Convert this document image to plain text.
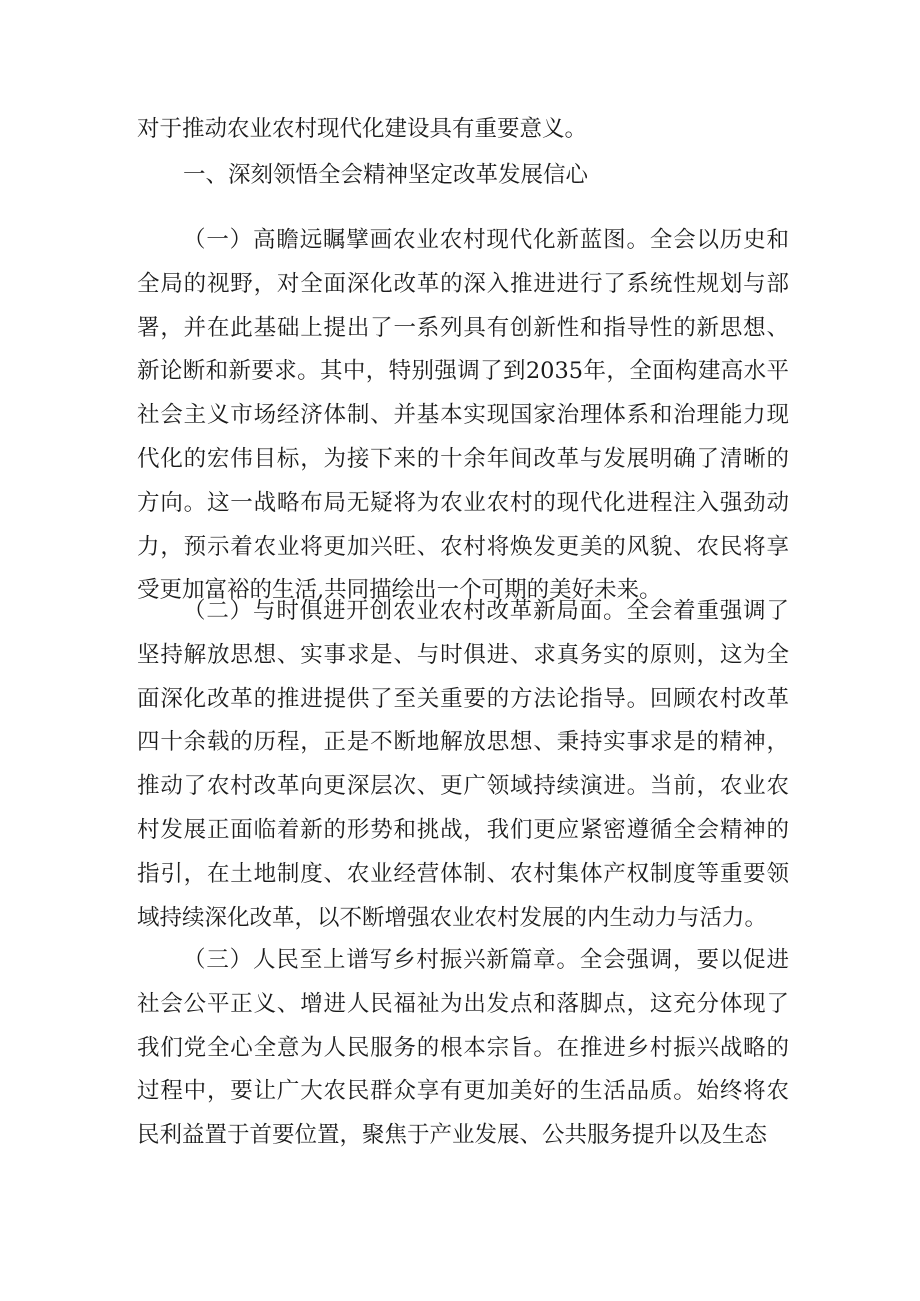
对于推动农业农村现代化建设具有重要意义。

一、深刻领悟全会精神坚定改革发展信心

（一）高瞻远瞩擘画农业农村现代化新蓝图。全会以历史和全局的视野，对全面深化改革的深入推进进行了系统性规划与部署，并在此基础上提出了一系列具有创新性和指导性的新思想、新论断和新要求。其中，特别强调了到2035年，全面构建高水平社会主义市场经济体制、并基本实现国家治理体系和治理能力现代化的宏伟目标，为接下来的十余年间改革与发展明确了清晰的方向。这一战略布局无疑将为农业农村的现代化进程注入强劲动力，预示着农业将更加兴旺、农村将焕发更美的风貌、农民将享受更加富裕的生活,共同描绘出一个可期的美好未来。

（二）与时俱进开创农业农村改革新局面。全会着重强调了坚持解放思想、实事求是、与时俱进、求真务实的原则，这为全面深化改革的推进提供了至关重要的方法论指导。回顾农村改革四十余载的历程，正是不断地解放思想、秉持实事求是的精神，推动了农村改革向更深层次、更广领域持续演进。当前，农业农村发展正面临着新的形势和挑战，我们更应紧密遵循全会精神的指引，在土地制度、农业经营体制、农村集体产权制度等重要领域持续深化改革，以不断增强农业农村发展的内生动力与活力。

（三）人民至上谱写乡村振兴新篇章。全会强调，要以促进社会公平正义、增进人民福祉为出发点和落脚点，这充分体现了我们党全心全意为人民服务的根本宗旨。在推进乡村振兴战略的过程中，要让广大农民群众享有更加美好的生活品质。始终将农民利益置于首要位置，聚焦于产业发展、公共服务提升以及生态
